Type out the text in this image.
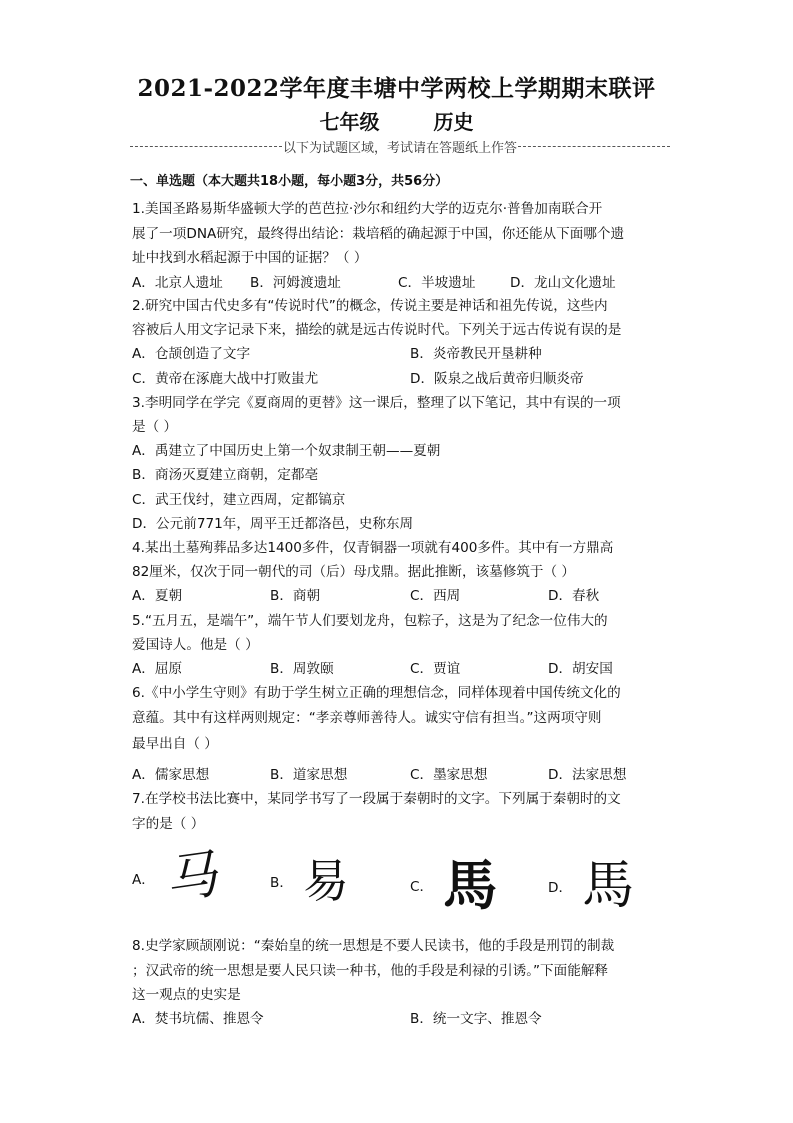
2021-2022学年度丰塘中学两校上学期期末联评
七年级	历史
以下为试题区域，考试请在答题纸上作答
一、单选题（本大题共18小题，每小题3分，共56分）
1.美国圣路易斯华盛顿大学的芭芭拉·沙尔和纽约大学的迈克尔·普鲁加南联合开
展了一项DNA研究，最终得出结论：栽培稻的确起源于中国，你还能从下面哪个遗
址中找到水稻起源于中国的证据？（ ）
A．北京人遗址 B．河姆渡遗址	C．半坡遗址	D．龙山文化遗址
2.研究中国古代史多有“传说时代”的概念，传说主要是神话和祖先传说，这些内
容被后人用文字记录下来，描绘的就是远古传说时代。下列关于远古传说有误的是
A．仓颉创造了文字	B．炎帝教民开垦耕种
C．黄帝在涿鹿大战中打败蚩尤	D．阪泉之战后黄帝归顺炎帝
3.李明同学在学完《夏商周的更替》这一课后，整理了以下笔记，其中有误的一项
是（ ）
A．禹建立了中国历史上第一个奴隶制王朝——夏朝
B．商汤灭夏建立商朝，定都亳
C．武王伐纣，建立西周，定都镐京
D．公元前771年，周平王迁都洛邑，史称东周
4.某出土墓殉葬品多达1400多件，仅青铜器一项就有400多件。其中有一方鼎高
82厘米，仅次于同一朝代的司（后）母戊鼎。据此推断，该墓修筑于（ ）
A．夏朝	B．商朝	C．西周	D．春秋
5.“五月五，是端午”，端午节人们要划龙舟，包粽子，这是为了纪念一位伟大的
爱国诗人。他是（ ）
A．屈原	B．周敦颐	C．贾谊	D．胡安国
6.《中小学生守则》有助于学生树立正确的理想信念，同样体现着中国传统文化的
意蕴。其中有这样两则规定：“孝亲尊师善待人。诚实守信有担当。”这两项守则
最早出自（ ）
A．儒家思想	B．道家思想	C．墨家思想	D．法家思想
7.在学校书法比赛中，某同学书写了一段属于秦朝时的文字。下列属于秦朝时的文
字的是（ ）
A． 马	B． 易	C． 馬	D． 馬
8.史学家顾颉刚说：“秦始皇的统一思想是不要人民读书，他的手段是刑罚的制裁
；汉武帝的统一思想是要人民只读一种书，他的手段是利禄的引诱。”下面能解释
这一观点的史实是
A．焚书坑儒、推恩令	B．统一文字、推恩令
